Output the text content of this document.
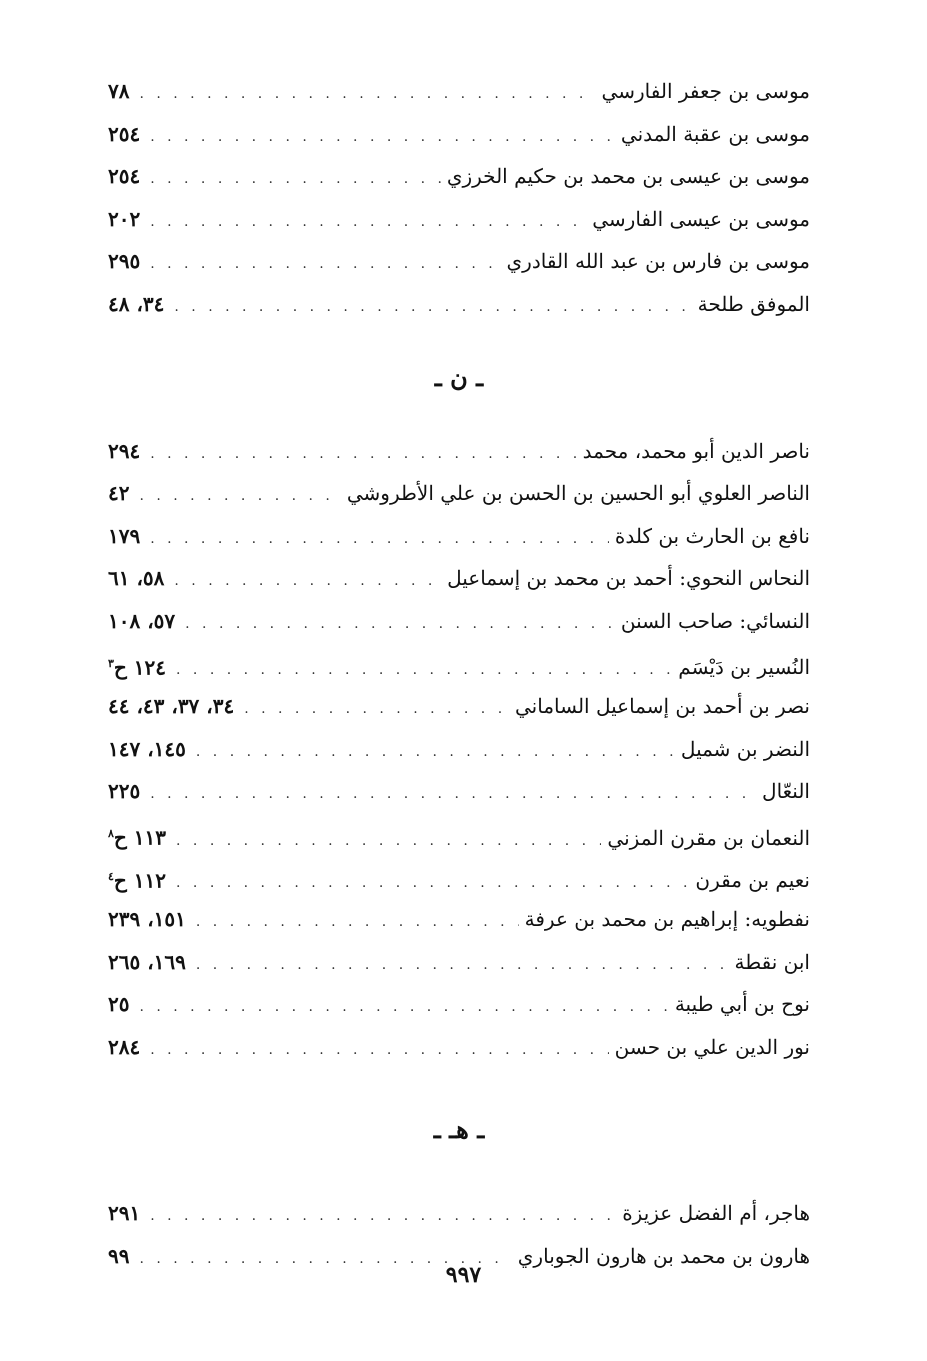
موسى بن جعفر الفارسي
. . .
٧٨
موسى بن عقبة المدني
. . .
٢٥٤
موسى بن عيسى بن محمد بن حكيم الخرزي
. . .
٢٥٤
موسى بن عيسى الفارسي
. . .
٢٠٢
موسى بن فارس بن عبد الله القادري
. . .
٢٩٥
الموفق طلحة
. . .
٣٤، ٤٨
ـ ن ـ
ناصر الدين أبو محمد، محمد
. . .
٢٩٤
الناصر العلوي أبو الحسين بن الحسن بن علي الأطروشي
. . .
٤٢
نافع بن الحارث بن كلدة
. . .
١٧٩
النحاس النحوي: أحمد بن محمد بن إسماعيل
. . .
٥٨، ٦١
النسائي: صاحب السنن
. . .
٥٧، ١٠٨
النُسير بن دَيْسَم
. . .
١٢٤ ح$^٣$
نصر بن أحمد بن إسماعيل الساماني
. . .
٣٤، ٣٧، ٤٣، ٤٤
النضر بن شميل
. . .
١٤٥، ١٤٧
النعّال
. . .
٢٢٥
النعمان بن مقرن المزني
. . .
١١٣ ح$^٨$
نعيم بن مقرن
. . .
١١٢ ح$^٤$
نفطويه: إبراهيم بن محمد بن عرفة
. . .
١٥١، ٢٣٩
ابن نقطة
. . .
١٦٩، ٢٦٥
نوح بن أبي طيبة
. . .
٢٥
نور الدين علي بن حسن
. . .
٢٨٤
ـ هـ ـ
هاجر، أم الفضل عزيزة
. . .
٢٩١
هارون بن محمد بن هارون الجوباري
. . .
٩٩
٩٩٧
